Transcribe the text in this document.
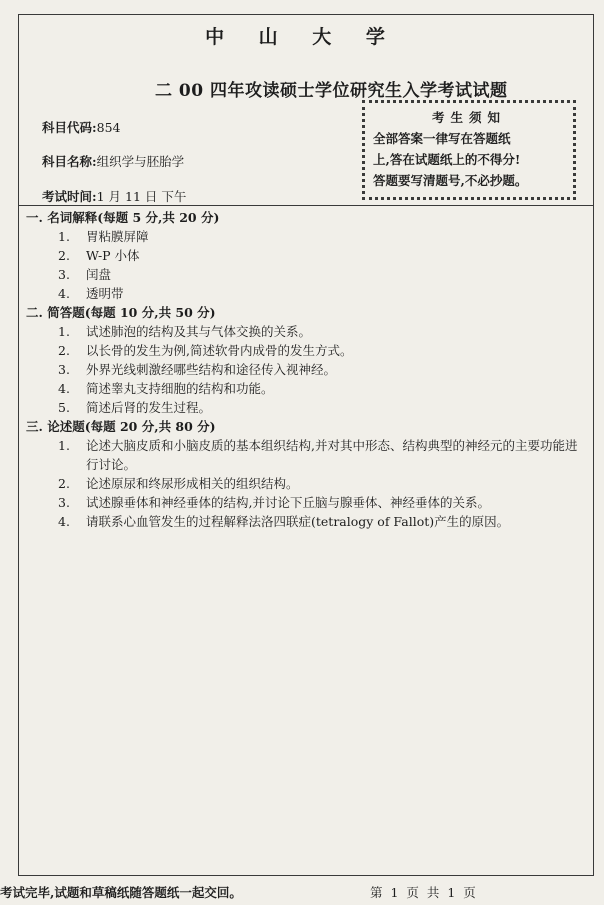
中 山 大 学
二 00 四年攻读硕士学位研究生入学考试试题
科目代码:854
科目名称:组织学与胚胎学
考试时间:1 月 11 日 下午
考生须知
全部答案一律写在答题纸
上,答在试题纸上的不得分!
答题要写清题号,不必抄题。
一. 名词解释(每题 5 分,共 20 分)
1. 胃粘膜屏障
2. W-P 小体
3. 闰盘
4. 透明带
二. 简答题(每题 10 分,共 50 分)
1. 试述肺泡的结构及其与气体交换的关系。
2. 以长骨的发生为例,简述软骨内成骨的发生方式。
3. 外界光线刺激经哪些结构和途径传入视神经。
4. 简述睾丸支持细胞的结构和功能。
5. 简述后肾的发生过程。
三. 论述题(每题 20 分,共 80 分)
1. 论述大脑皮质和小脑皮质的基本组织结构,并对其中形态、结构典型的神经元的主要功能进行讨论。
2. 论述原尿和终尿形成相关的组织结构。
3. 试述腺垂体和神经垂体的结构,并讨论下丘脑与腺垂体、神经垂体的关系。
4. 请联系心血管发生的过程解释法洛四联症(tetralogy of Fallot)产生的原因。
考试完毕,试题和草稿纸随答题纸一起交回。	第 1 页 共 1 页
